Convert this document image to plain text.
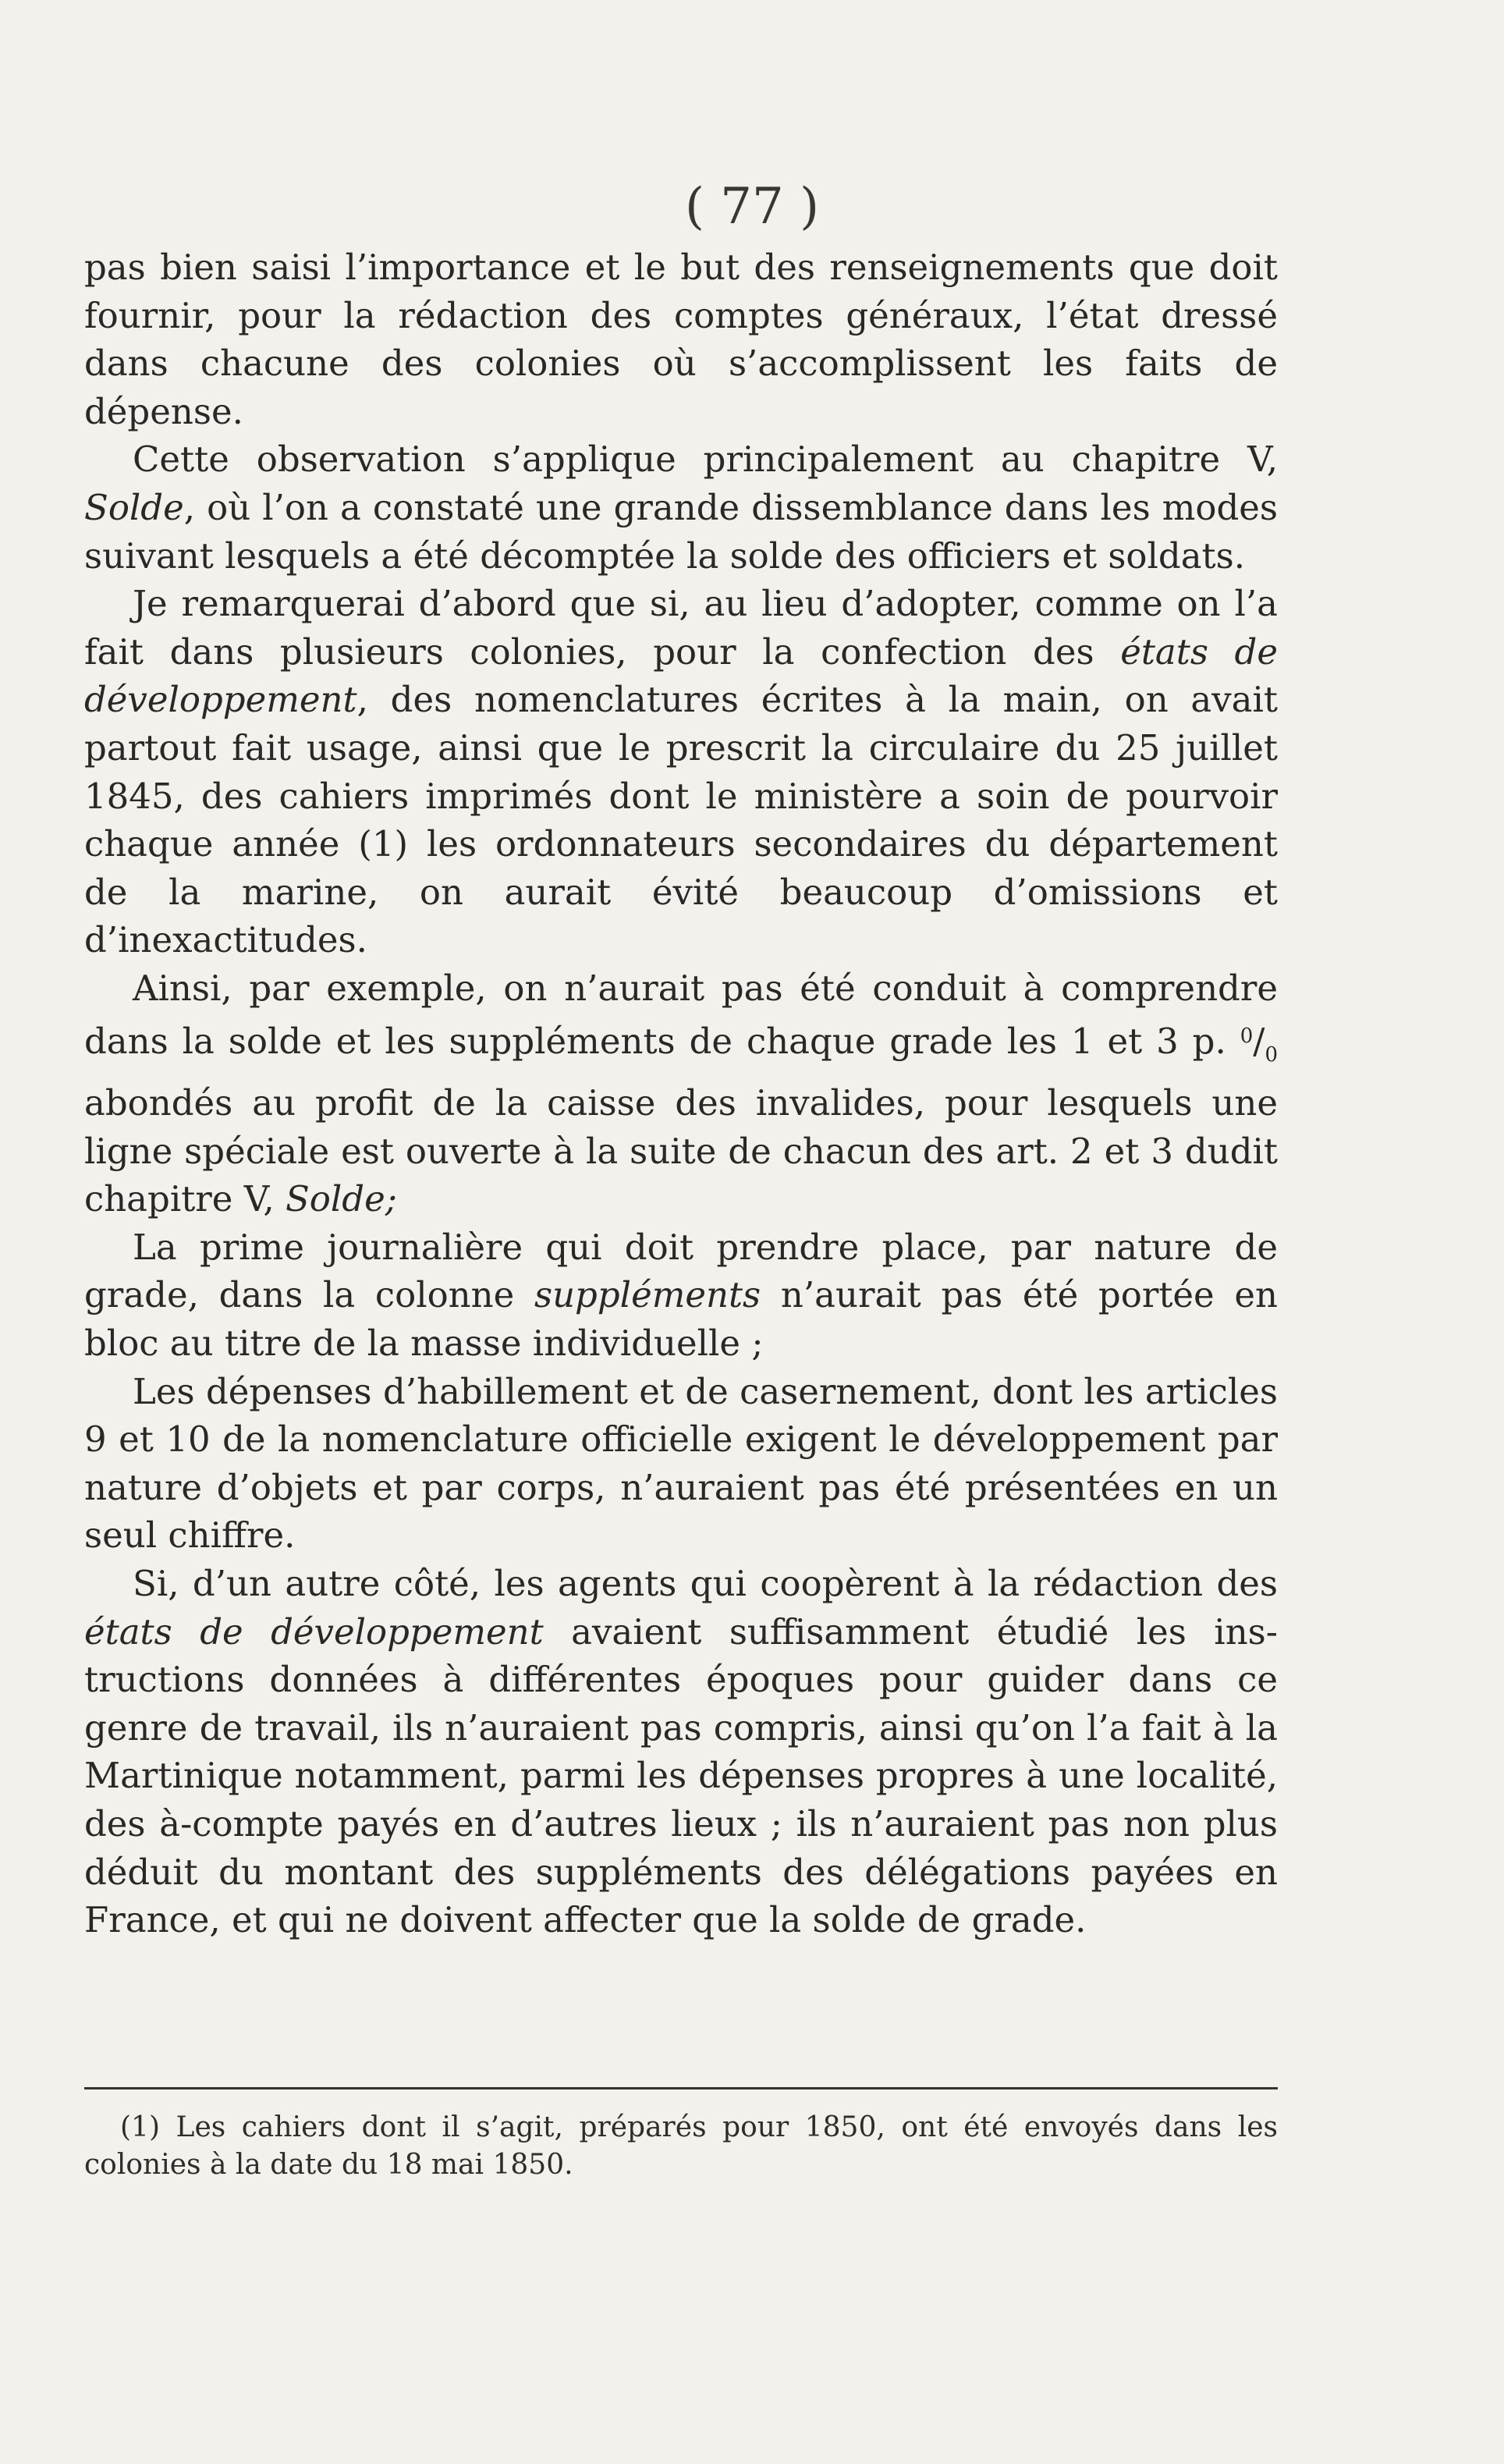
( 77 )

pas bien saisi l’importance et le but des renseignements que doit fournir, pour la rédaction des comptes généraux, l’état dressé dans chacune des colonies où s’accomplissent les faits de dépense.

Cette observation s’applique principalement au chapitre V, Solde, où l’on a constaté une grande dissemblance dans les modes suivant lesquels a été décomptée la solde des officiers et soldats.

Je remarquerai d’abord que si, au lieu d’adopter, comme on l’a fait dans plusieurs colonies, pour la confection des états de développement, des nomenclatures écrites à la main, on avait partout fait usage, ainsi que le prescrit la circulaire du 25 juillet 1845, des cahiers imprimés dont le ministère a soin de pourvoir chaque année (1) les ordonnateurs secondaires du département de la marine, on aurait évité beaucoup d’omissions et d’inexactitudes.

Ainsi, par exemple, on n’aurait pas été conduit à comprendre dans la solde et les suppléments de chaque grade les 1 et 3 p. $^0/_0$ abondés au profit de la caisse des invalides, pour lesquels une ligne spéciale est ouverte à la suite de chacun des art. 2 et 3 dudit chapitre V, Solde;

La prime journalière qui doit prendre place, par nature de grade, dans la colonne suppléments n’aurait pas été portée en bloc au titre de la masse individuelle ;

Les dépenses d’habillement et de casernement, dont les articles 9 et 10 de la nomenclature officielle exigent le développement par nature d’objets et par corps, n’auraient pas été présentées en un seul chiffre.

Si, d’un autre côté, les agents qui coopèrent à la rédaction des états de développement avaient suffisamment étudié les instructions données à différentes époques pour guider dans ce genre de travail, ils n’auraient pas compris, ainsi qu’on l’a fait à la Martinique notamment, parmi les dépenses propres à une localité, des à-compte payés en d’autres lieux ; ils n’auraient pas non plus déduit du montant des suppléments des délégations payées en France, et qui ne doivent affecter que la solde de grade.

(1) Les cahiers dont il s’agit, préparés pour 1850, ont été envoyés dans les colonies à la date du 18 mai 1850.
